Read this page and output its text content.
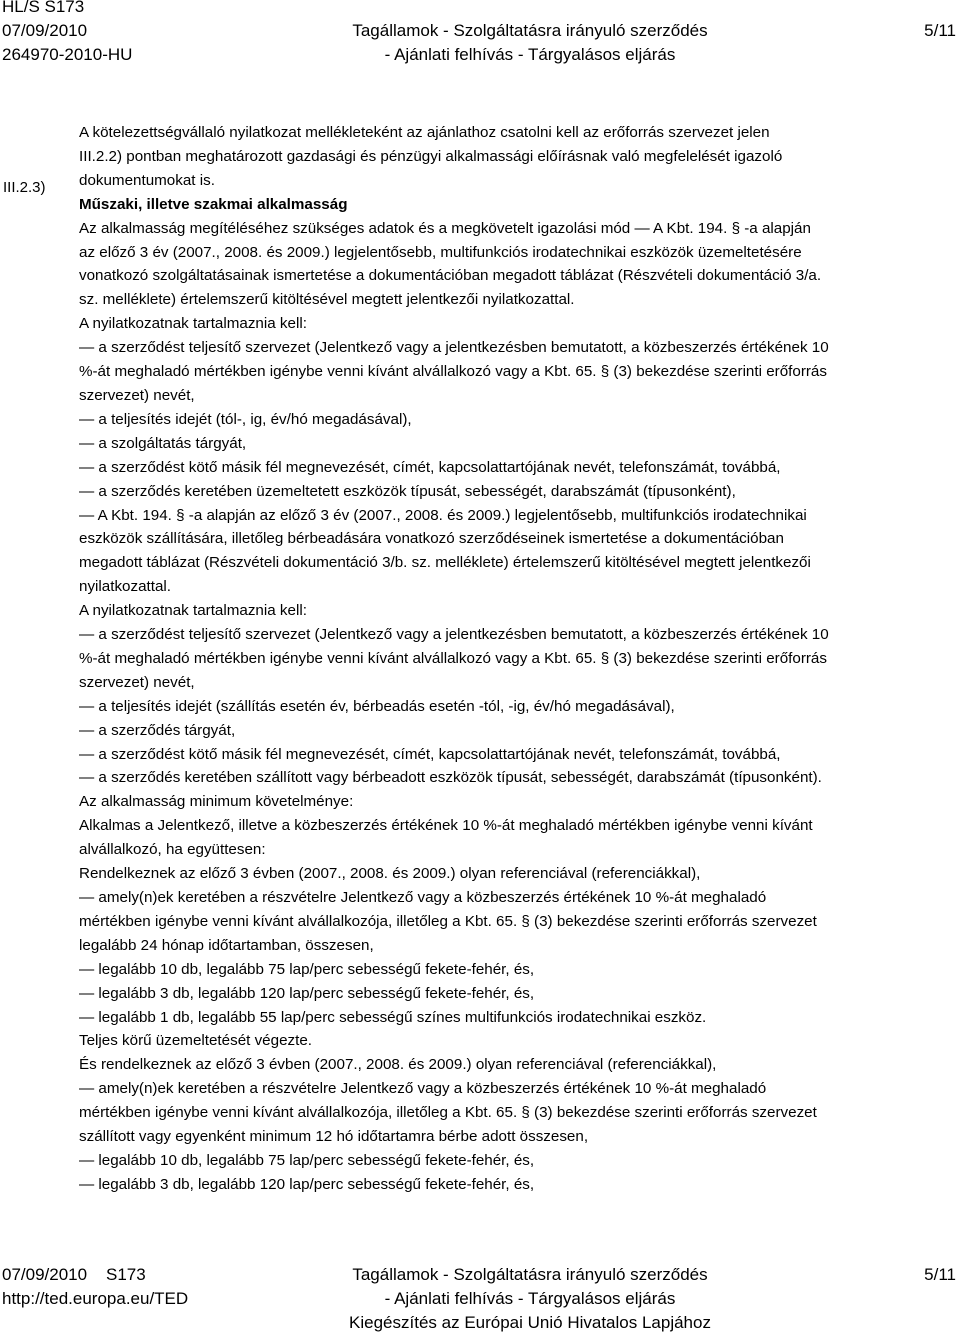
HL/S S173
07/09/2010
264970-2010-HU
Tagállamok - Szolgáltatásra irányuló szerződés
- Ajánlati felhívás - Tárgyalásos eljárás
5/11
III.2.3)

A kötelezettségvállaló nyilatkozat mellékleteként az ajánlathoz csatolni kell az erőforrás szervezet jelen

III.2.2) pontban meghatározott gazdasági és pénzügyi alkalmassági előírásnak való megfelelését igazoló

dokumentumokat is.

Műszaki, illetve szakmai alkalmasság

Az alkalmasság megítéléséhez szükséges adatok és a megkövetelt igazolási mód — A Kbt. 194. § -a alapján

az előző 3 év (2007., 2008. és 2009.) legjelentősebb, multifunkciós irodatechnikai eszközök üzemeltetésére

vonatkozó szolgáltatásainak ismertetése a dokumentációban megadott táblázat (Részvételi dokumentáció 3/a.

sz. melléklete) értelemszerű kitöltésével megtett jelentkezői nyilatkozattal.

A nyilatkozatnak tartalmaznia kell:

— a szerződést teljesítő szervezet (Jelentkező vagy a jelentkezésben bemutatott, a közbeszerzés értékének 10

%-át meghaladó mértékben igénybe venni kívánt alvállalkozó vagy a Kbt. 65. § (3) bekezdése szerinti erőforrás

szervezet) nevét,

— a teljesítés idejét (tól-, ig, év/hó megadásával),

— a szolgáltatás tárgyát,

— a szerződést kötő másik fél megnevezését, címét, kapcsolattartójának nevét, telefonszámát, továbbá,

— a szerződés keretében üzemeltetett eszközök típusát, sebességét, darabszámát (típusonként),

— A Kbt. 194. § -a alapján az előző 3 év (2007., 2008. és 2009.) legjelentősebb, multifunkciós irodatechnikai

eszközök szállítására, illetőleg bérbeadására vonatkozó szerződéseinek ismertetése a dokumentációban

megadott táblázat (Részvételi dokumentáció 3/b. sz. melléklete) értelemszerű kitöltésével megtett jelentkezői

nyilatkozattal.

A nyilatkozatnak tartalmaznia kell:

— a szerződést teljesítő szervezet (Jelentkező vagy a jelentkezésben bemutatott, a közbeszerzés értékének 10

%-át meghaladó mértékben igénybe venni kívánt alvállalkozó vagy a Kbt. 65. § (3) bekezdése szerinti erőforrás

szervezet) nevét,

— a teljesítés idejét (szállítás esetén év, bérbeadás esetén -tól, -ig, év/hó megadásával),

— a szerződés tárgyát,

— a szerződést kötő másik fél megnevezését, címét, kapcsolattartójának nevét, telefonszámát, továbbá,

— a szerződés keretében szállított vagy bérbeadott eszközök típusát, sebességét, darabszámát (típusonként).

Az alkalmasság minimum követelménye:

Alkalmas a Jelentkező, illetve a közbeszerzés értékének 10 %-át meghaladó mértékben igénybe venni kívánt

alvállalkozó, ha együttesen:

Rendelkeznek az előző 3 évben (2007., 2008. és 2009.) olyan referenciával (referenciákkal),

— amely(n)ek keretében a részvételre Jelentkező vagy a közbeszerzés értékének 10 %-át meghaladó

mértékben igénybe venni kívánt alvállalkozója, illetőleg a Kbt. 65. § (3) bekezdése szerinti erőforrás szervezet

legalább 24 hónap időtartamban, összesen,

— legalább 10 db, legalább 75 lap/perc sebességű fekete-fehér, és,

— legalább 3 db, legalább 120 lap/perc sebességű fekete-fehér, és,

— legalább 1 db, legalább 55 lap/perc sebességű színes multifunkciós irodatechnikai eszköz.

Teljes körű üzemeltetését végezte.

És rendelkeznek az előző 3 évben (2007., 2008. és 2009.) olyan referenciával (referenciákkal),

— amely(n)ek keretében a részvételre Jelentkező vagy a közbeszerzés értékének 10 %-át meghaladó

mértékben igénybe venni kívánt alvállalkozója, illetőleg a Kbt. 65. § (3) bekezdése szerinti erőforrás szervezet

szállított vagy egyenként minimum 12 hó időtartamra bérbe adott összesen,

— legalább 10 db, legalább 75 lap/perc sebességű fekete-fehér, és,

— legalább 3 db, legalább 120 lap/perc sebességű fekete-fehér, és,

07/09/2010 S173
http://ted.europa.eu/TED
Tagállamok - Szolgáltatásra irányuló szerződés
- Ajánlati felhívás - Tárgyalásos eljárás
Kiegészítés az Európai Unió Hivatalos Lapjához
5/11
